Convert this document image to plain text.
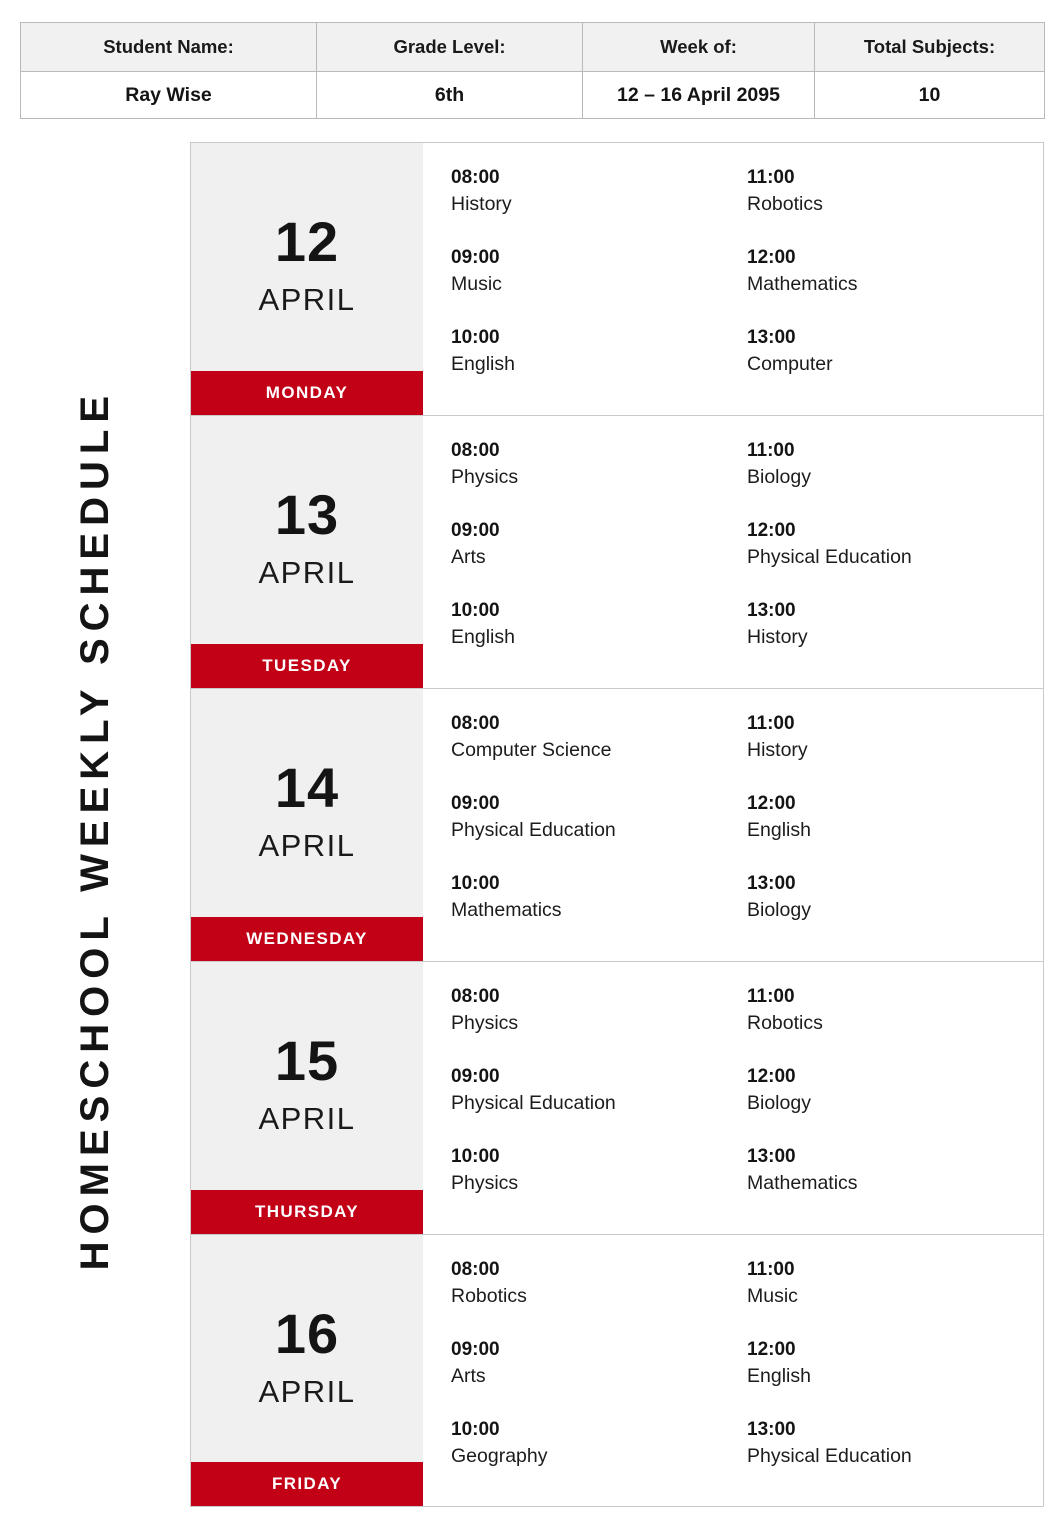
Student Name:	Grade Level:	Week of:	Total Subjects:
Ray Wise	6th	12 – 16 April 2095	10
HOMESCHOOL WEEKLY SCHEDULE
12
APRIL
MONDAY
08:00
History
09:00
Music
10:00
English
11:00
Robotics
12:00
Mathematics
13:00
Computer
13
APRIL
TUESDAY
08:00
Physics
09:00
Arts
10:00
English
11:00
Biology
12:00
Physical Education
13:00
History
14
APRIL
WEDNESDAY
08:00
Computer Science
09:00
Physical Education
10:00
Mathematics
11:00
History
12:00
English
13:00
Biology
15
APRIL
THURSDAY
08:00
Physics
09:00
Physical Education
10:00
Physics
11:00
Robotics
12:00
Biology
13:00
Mathematics
16
APRIL
FRIDAY
08:00
Robotics
09:00
Arts
10:00
Geography
11:00
Music
12:00
English
13:00
Physical Education
